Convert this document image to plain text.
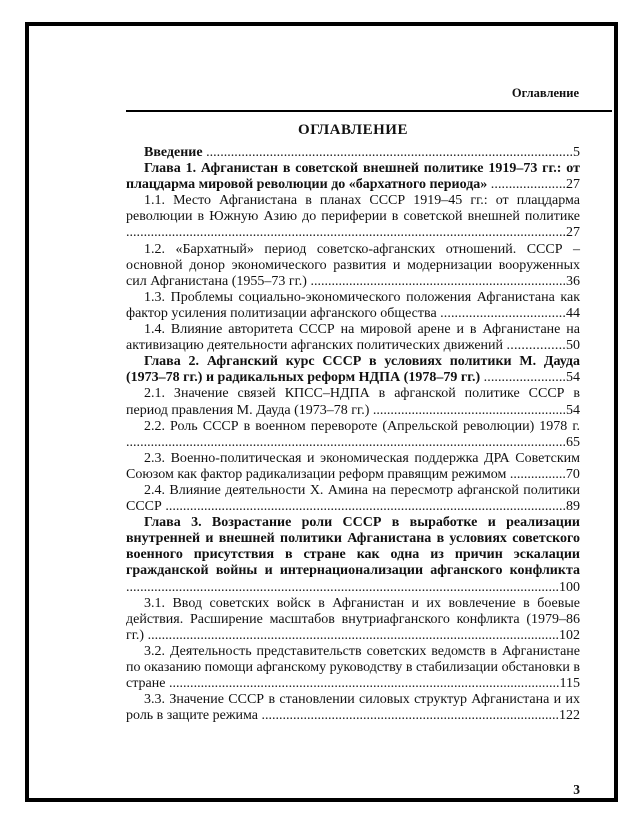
Оглавление
ОГЛАВЛЕНИЕ

Введение ........................................................................................................5

Глава 1. Афганистан в советской внешней политике 1919–73 гг.: от плацдарма мировой революции до «бархатного периода» .....................27

1.1. Место Афганистана в планах СССР 1919–45 гг.: от плацдарма революции в Южную Азию до периферии в советской внешней политике .............................................................................................................................27

1.2. «Бархатный» период советско-афганских отношений. СССР – основной донор экономического развития и модернизации вооруженных сил Афганистана (1955–73 гг.) .........................................................................36

1.3. Проблемы социально-экономического положения Афганистана как фактор усиления политизации афганского общества ...................................44

1.4. Влияние авторитета СССР на мировой арене и в Афганистане на активизацию деятельности афганских политических движений ................50

Глава 2. Афганский курс СССР в условиях политики М. Дауда (1973–78 гг.) и радикальных реформ НДПА (1978–79 гг.) .......................54

2.1. Значение связей КПСС–НДПА в афганской политике СССР в период правления М. Дауда (1973–78 гг.) .......................................................54

2.2. Роль СССР в военном перевороте (Апрельской революции) 1978 г. .............................................................................................................................65

2.3. Военно-политическая и экономическая поддержка ДРА Советским Союзом как фактор радикализации реформ правящим режимом ................70

2.4. Влияние деятельности Х. Амина на пересмотр афганской политики СССР ..................................................................................................................89

Глава 3. Возрастание роли СССР в выработке и реализации внутренней и внешней политики Афганистана в условиях советского военного присутствия в стране как одна из причин эскалации гражданской войны и интернационализации афганского конфликта ...........................................................................................................................100

3.1. Ввод советских войск в Афганистан и их вовлечение в боевые действия. Расширение масштабов внутриафганского конфликта (1979–86 гг.) .....................................................................................................................102

3.2. Деятельность представительств советских ведомств в Афганистане по оказанию помощи афганскому руководству в стабилизации обстановки в стране ...............................................................................................................115

3.3. Значение СССР в становлении силовых структур Афганистана и их роль в защите режима .....................................................................................122

3
